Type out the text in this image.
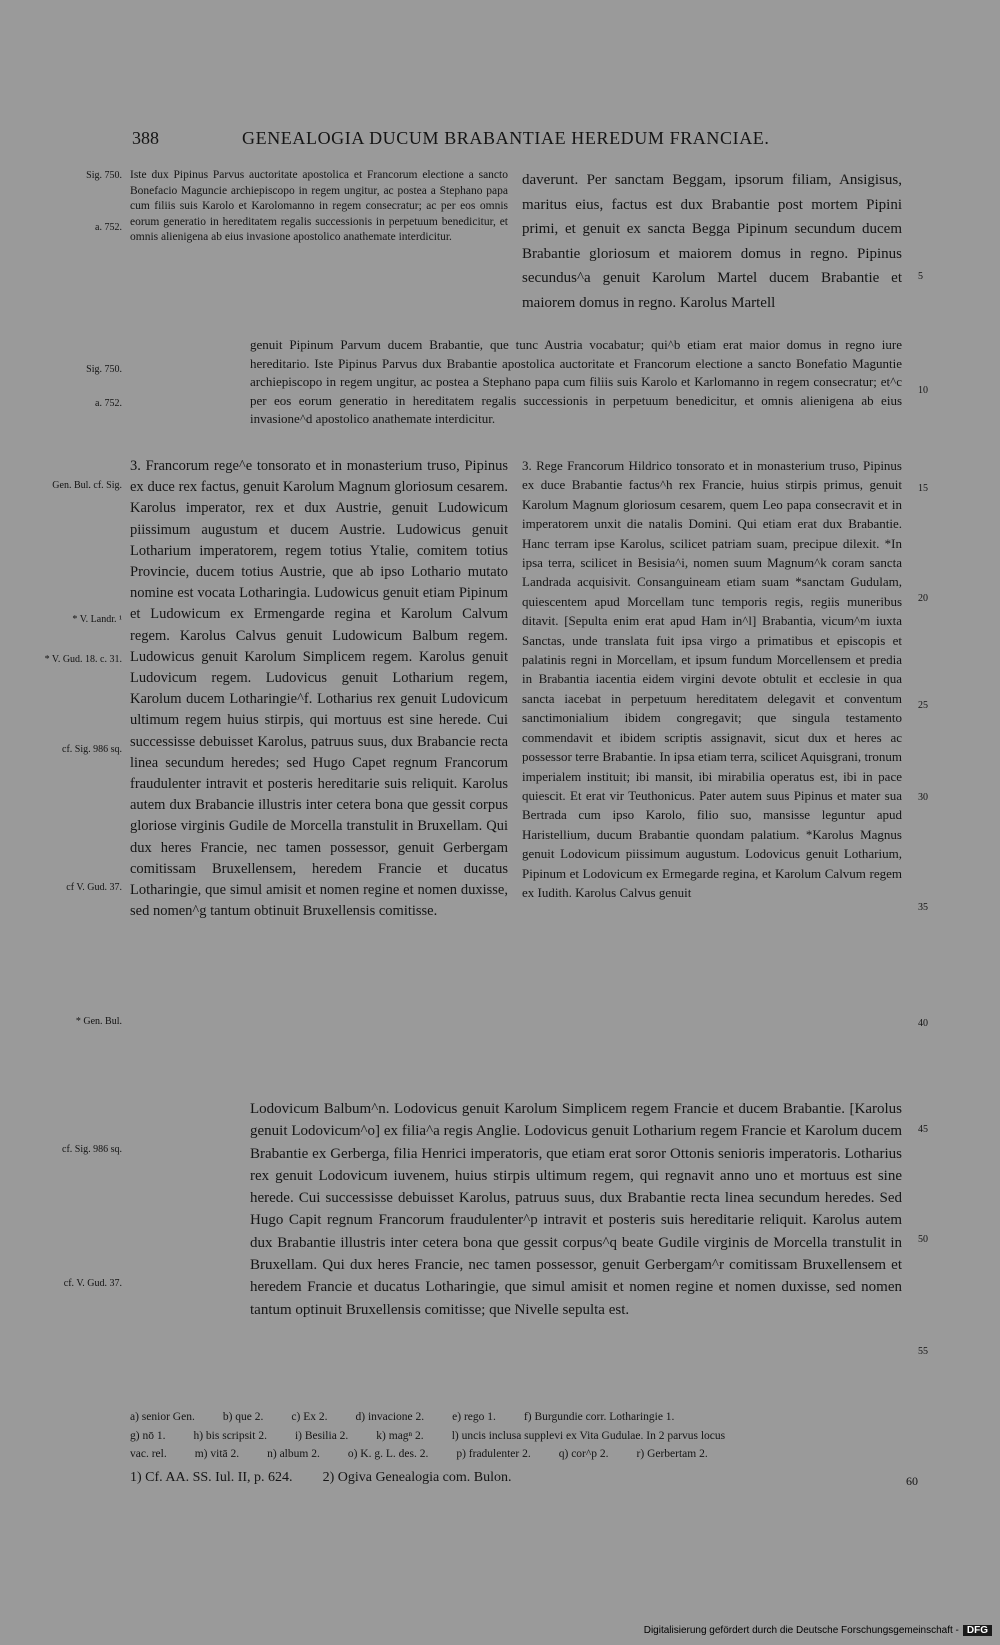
388	GENEALOGIA DUCUM BRABANTIAE HEREDUM FRANCIAE.
Sig. 750.
a. 752.
Sig. 750.
a. 752.
Gen. Bul. cf. Sig.
* V. Landr. ¹
* V. Gud. 18. c. 31.
cf. Sig. 986 sq.
cf V. Gud. 37.
* Gen. Bul.
cf. Sig. 986 sq.
cf. V. Gud. 37.
5
10
15
20
25
30
35
40
45
50
55

Iste dux Pipinus Parvus auctoritate apostolica et Francorum electione a sancto Bonefacio Maguncie archiepiscopo in regem ungitur, ac postea a Stephano papa cum filiis suis Karolo et Karolomanno in regem consecratur; ac per eos omnis eorum generatio in hereditatem regalis successionis in perpetuum benedicitur, et omnis alienigena ab eius invasione apostolico anathemate interdicitur.

daverunt. Per sanctam Beggam, ipsorum filiam, Ansigisus, maritus eius, factus est dux Brabantie post mortem Pipini primi, et genuit ex sancta Begga Pipinum secundum ducem Brabantie gloriosum et maiorem domus in regno. Pipinus secundus^a genuit Karolum Martel ducem Brabantie et maiorem domus in regno. Karolus Martell

genuit Pipinum Parvum ducem Brabantie, que tunc Austria vocabatur; qui^b etiam erat maior domus in regno iure hereditario. Iste Pipinus Parvus dux Brabantie apostolica auctoritate et Francorum electione a sancto Bonefatio Maguntie archiepiscopo in regem ungitur, ac postea a Stephano papa cum filiis suis Karolo et Karlomanno in regem consecratur; et^c per eos eorum generatio in hereditatem regalis successionis in perpetuum benedicitur, et omnis alienigena ab eius invasione^d apostolico anathemate interdicitur.

3. Francorum rege^e tonsorato et in monasterium truso, Pipinus ex duce rex factus, genuit Karolum Magnum gloriosum cesarem. Karolus imperator, rex et dux Austrie, genuit Ludowicum piissimum augustum et ducem Austrie. Ludowicus genuit Lotharium imperatorem, regem totius Ytalie, comitem totius Provincie, ducem totius Austrie, que ab ipso Lothario mutato nomine est vocata Lotharingia. Ludowicus genuit etiam Pipinum et Ludowicum ex Ermengarde regina et Karolum Calvum regem. Karolus Calvus genuit Ludowicum Balbum regem. Ludowicus genuit Karolum Simplicem regem. Karolus genuit Ludovicum regem. Ludovicus genuit Lotharium regem, Karolum ducem Lotharingie^f. Lotharius rex genuit Ludovicum ultimum regem huius stirpis, qui mortuus est sine herede. Cui successisse debuisset Karolus, patruus suus, dux Brabancie recta linea secundum heredes; sed Hugo Capet regnum Francorum fraudulenter intravit et posteris hereditarie suis reliquit. Karolus autem dux Brabancie illustris inter cetera bona que gessit corpus gloriose virginis Gudile de Morcella transtulit in Bruxellam. Qui dux heres Francie, nec tamen possessor, genuit Gerbergam comitissam Bruxellensem, heredem Francie et ducatus Lotharingie, que simul amisit et nomen regine et nomen duxisse, sed nomen^g tantum obtinuit Bruxellensis comitisse.

3. Rege Francorum Hildrico tonsorato et in monasterium truso, Pipinus ex duce Brabantie factus^h rex Francie, huius stirpis primus, genuit Karolum Magnum gloriosum cesarem, quem Leo papa consecravit et in imperatorem unxit die natalis Domini. Qui etiam erat dux Brabantie. Hanc terram ipse Karolus, scilicet patriam suam, precipue dilexit. *In ipsa terra, scilicet in Besisia^i, nomen suum Magnum^k coram sancta Landrada acquisivit. Consanguineam etiam suam *sanctam Gudulam, quiescentem apud Morcellam tunc temporis regis, regiis muneribus ditavit. [Sepulta enim erat apud Ham in^l] Brabantia, vicum^m iuxta Sanctas, unde translata fuit ipsa virgo a primatibus et episcopis et palatinis regni in Morcellam, et ipsum fundum Morcellensem et predia in Brabantia iacentia eidem virgini devote obtulit et ecclesie in qua sancta iacebat in perpetuum hereditatem delegavit et conventum sanctimonialium ibidem congregavit; que singula testamento commendavit et ibidem scriptis assignavit, sicut dux et heres ac possessor terre Brabantie. In ipsa etiam terra, scilicet Aquisgrani, tronum imperialem instituit; ibi mansit, ibi mirabilia operatus est, ibi in pace quiescit. Et erat vir Teuthonicus. Pater autem suus Pipinus et mater sua Bertrada cum ipso Karolo, filio suo, mansisse leguntur apud Haristellium, ducum Brabantie quondam palatium. *Karolus Magnus genuit Lodovicum piissimum augustum. Lodovicus genuit Lotharium, Pipinum et Lodovicum ex Ermegarde regina, et Karolum Calvum regem ex Iudith. Karolus Calvus genuit

Lodovicum Balbum^n. Lodovicus genuit Karolum Simplicem regem Francie et ducem Brabantie. [Karolus genuit Lodovicum^o] ex filia^a regis Anglie. Lodovicus genuit Lotharium regem Francie et Karolum ducem Brabantie ex Gerberga, filia Henrici imperatoris, que etiam erat soror Ottonis senioris imperatoris. Lotharius rex genuit Lodovicum iuvenem, huius stirpis ultimum regem, qui regnavit anno uno et mortuus est sine herede. Cui successisse debuisset Karolus, patruus suus, dux Brabantie recta linea secundum heredes. Sed Hugo Capit regnum Francorum fraudulenter^p intravit et posteris suis hereditarie reliquit. Karolus autem dux Brabantie illustris inter cetera bona que gessit corpus^q beate Gudile virginis de Morcella transtulit in Bruxellam. Qui dux heres Francie, nec tamen possessor, genuit Gerbergam^r comitissam Bruxellensem et heredem Francie et ducatus Lotharingie, que simul amisit et nomen regine et nomen duxisse, sed nomen tantum optinuit Bruxellensis comitisse; que Nivelle sepulta est.

a) senior Gen. b) que 2. c) Ex 2. d) invacione 2. e) rego 1. f) Burgundie corr. Lotharingie 1.
g) nō 1. h) bis scripsit 2. i) Besilia 2. k) magⁿ 2. l) uncis inclusa supplevi ex Vita Gudulae. In 2 parvus locus
vac. rel. m) vitā 2. n) album 2. o) K. g. L. des. 2. p) fradulenter 2. q) cor^p 2. r) Gerbertam 2.
1) Cf. AA. SS. Iul. II, p. 624. 2) Ogiva Genealogia com. Bulon.	60
Digitalisierung gefördert durch die Deutsche Forschungsgemeinschaft - DFG
